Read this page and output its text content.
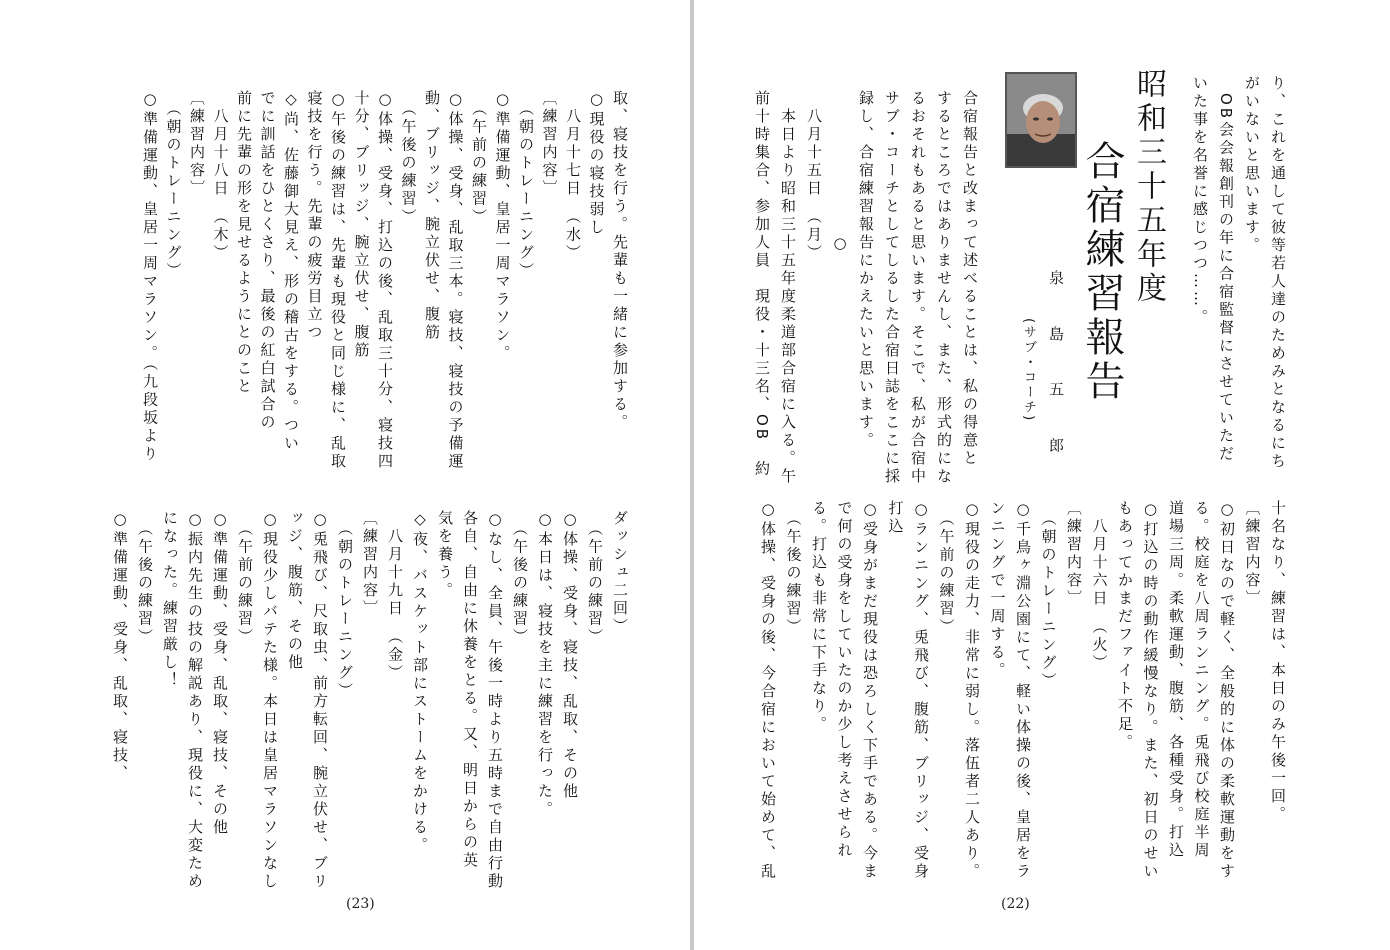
り、これを通して彼等若人達のためみとなるにち
がいないと思います。
　OB会会報創刊の年に合宿監督にさせていただ
いた事を名誉に感じつつ……。
合宿報告と改まって述べることは、私の得意と
するところではありませんし、また、形式的にな
るおそれもあると思います。そこで、私が合宿中
サブ・コーチとしてしるした合宿日誌をここに採
録し、合宿練習報告にかえたいと思います。
　　　　　　　　○
　八月十五日　（月）
　本日より昭和三十五年度柔道部合宿に入る。午
前十時集合、参加人員　現役・十三名、OB　約
十名なり、練習は、本日のみ午後一回。
〔練習内容〕
○初日なので軽く、全般的に体の柔軟運動をす
る。校庭を八周ランニング。兎飛び校庭半周
道場三周。柔軟運動、腹筋、各種受身。打込
○打込の時の動作緩慢なり。また、初日のせい
もあってかまだファイト不足。
　八月十六日　（火）
〔練習内容〕
　（朝のトレーニング）
○千鳥ヶ淵公園にて、軽い体操の後、皇居をラ
ンニングで一周する。
○現役の走力、非常に弱し。落伍者二人あり。
　（午前の練習）
○ランニング、兎飛び、腹筋、ブリッジ、受身
打込
○受身がまだ現役は恐ろしく下手である。今ま
で何の受身をしていたのか少し考えさせられ
る。打込も非常に下手なり。
　（午後の練習）
○体操、受身の後、今合宿において始めて、乱
昭和三十五年度
合宿練習報告
泉 島 五 郎
(サブ・コーチ)
(22)
取、寝技を行う。先輩も一緒に参加する。
○現役の寝技弱し
　八月十七日　（水）
〔練習内容〕
　（朝のトレーニング）
○準備運動、皇居一周マラソン。
　（午前の練習）
○体操、受身、乱取三本。寝技、寝技の予備運
動、ブリッジ、腕立伏せ、腹筋
　（午後の練習）
○体操、受身、打込の後、乱取三十分、寝技四
十分、ブリッジ、腕立伏せ、腹筋
○午後の練習は、先輩も現役と同じ様に、乱取
寝技を行う。先輩の疲労目立つ
◇尚、佐藤御大見え、形の稽古をする。つい
でに訓話をひとくさり、最後の紅白試合の
前に先輩の形を見せるようにとのこと
　八月十八日　（木）
〔練習内容〕
　（朝のトレーニング）
○準備運動、皇居一周マラソン。（九段坂より
ダッシュ二回）
　（午前の練習）
○体操、受身、寝技、乱取、その他
○本日は、寝技を主に練習を行った。
　（午後の練習）
○なし、全員、午後一時より五時まで自由行動
各自、自由に休養をとる。又、明日からの英
気を養う。
◇夜、バスケット部にストームをかける。
　八月十九日　（金）
〔練習内容〕
　（朝のトレーニング）
○兎飛び、尺取虫、前方転回、腕立伏せ、ブリ
ッジ、腹筋、その他
○現役少しバテた様。本日は皇居マラソンなし
　（午前の練習）
○準備運動、受身、乱取、寝技、その他
○振内先生の技の解説あり、現役に、大変ため
になった。練習厳し！
　（午後の練習）
○準備運動、受身、乱取、寝技、
(23)
